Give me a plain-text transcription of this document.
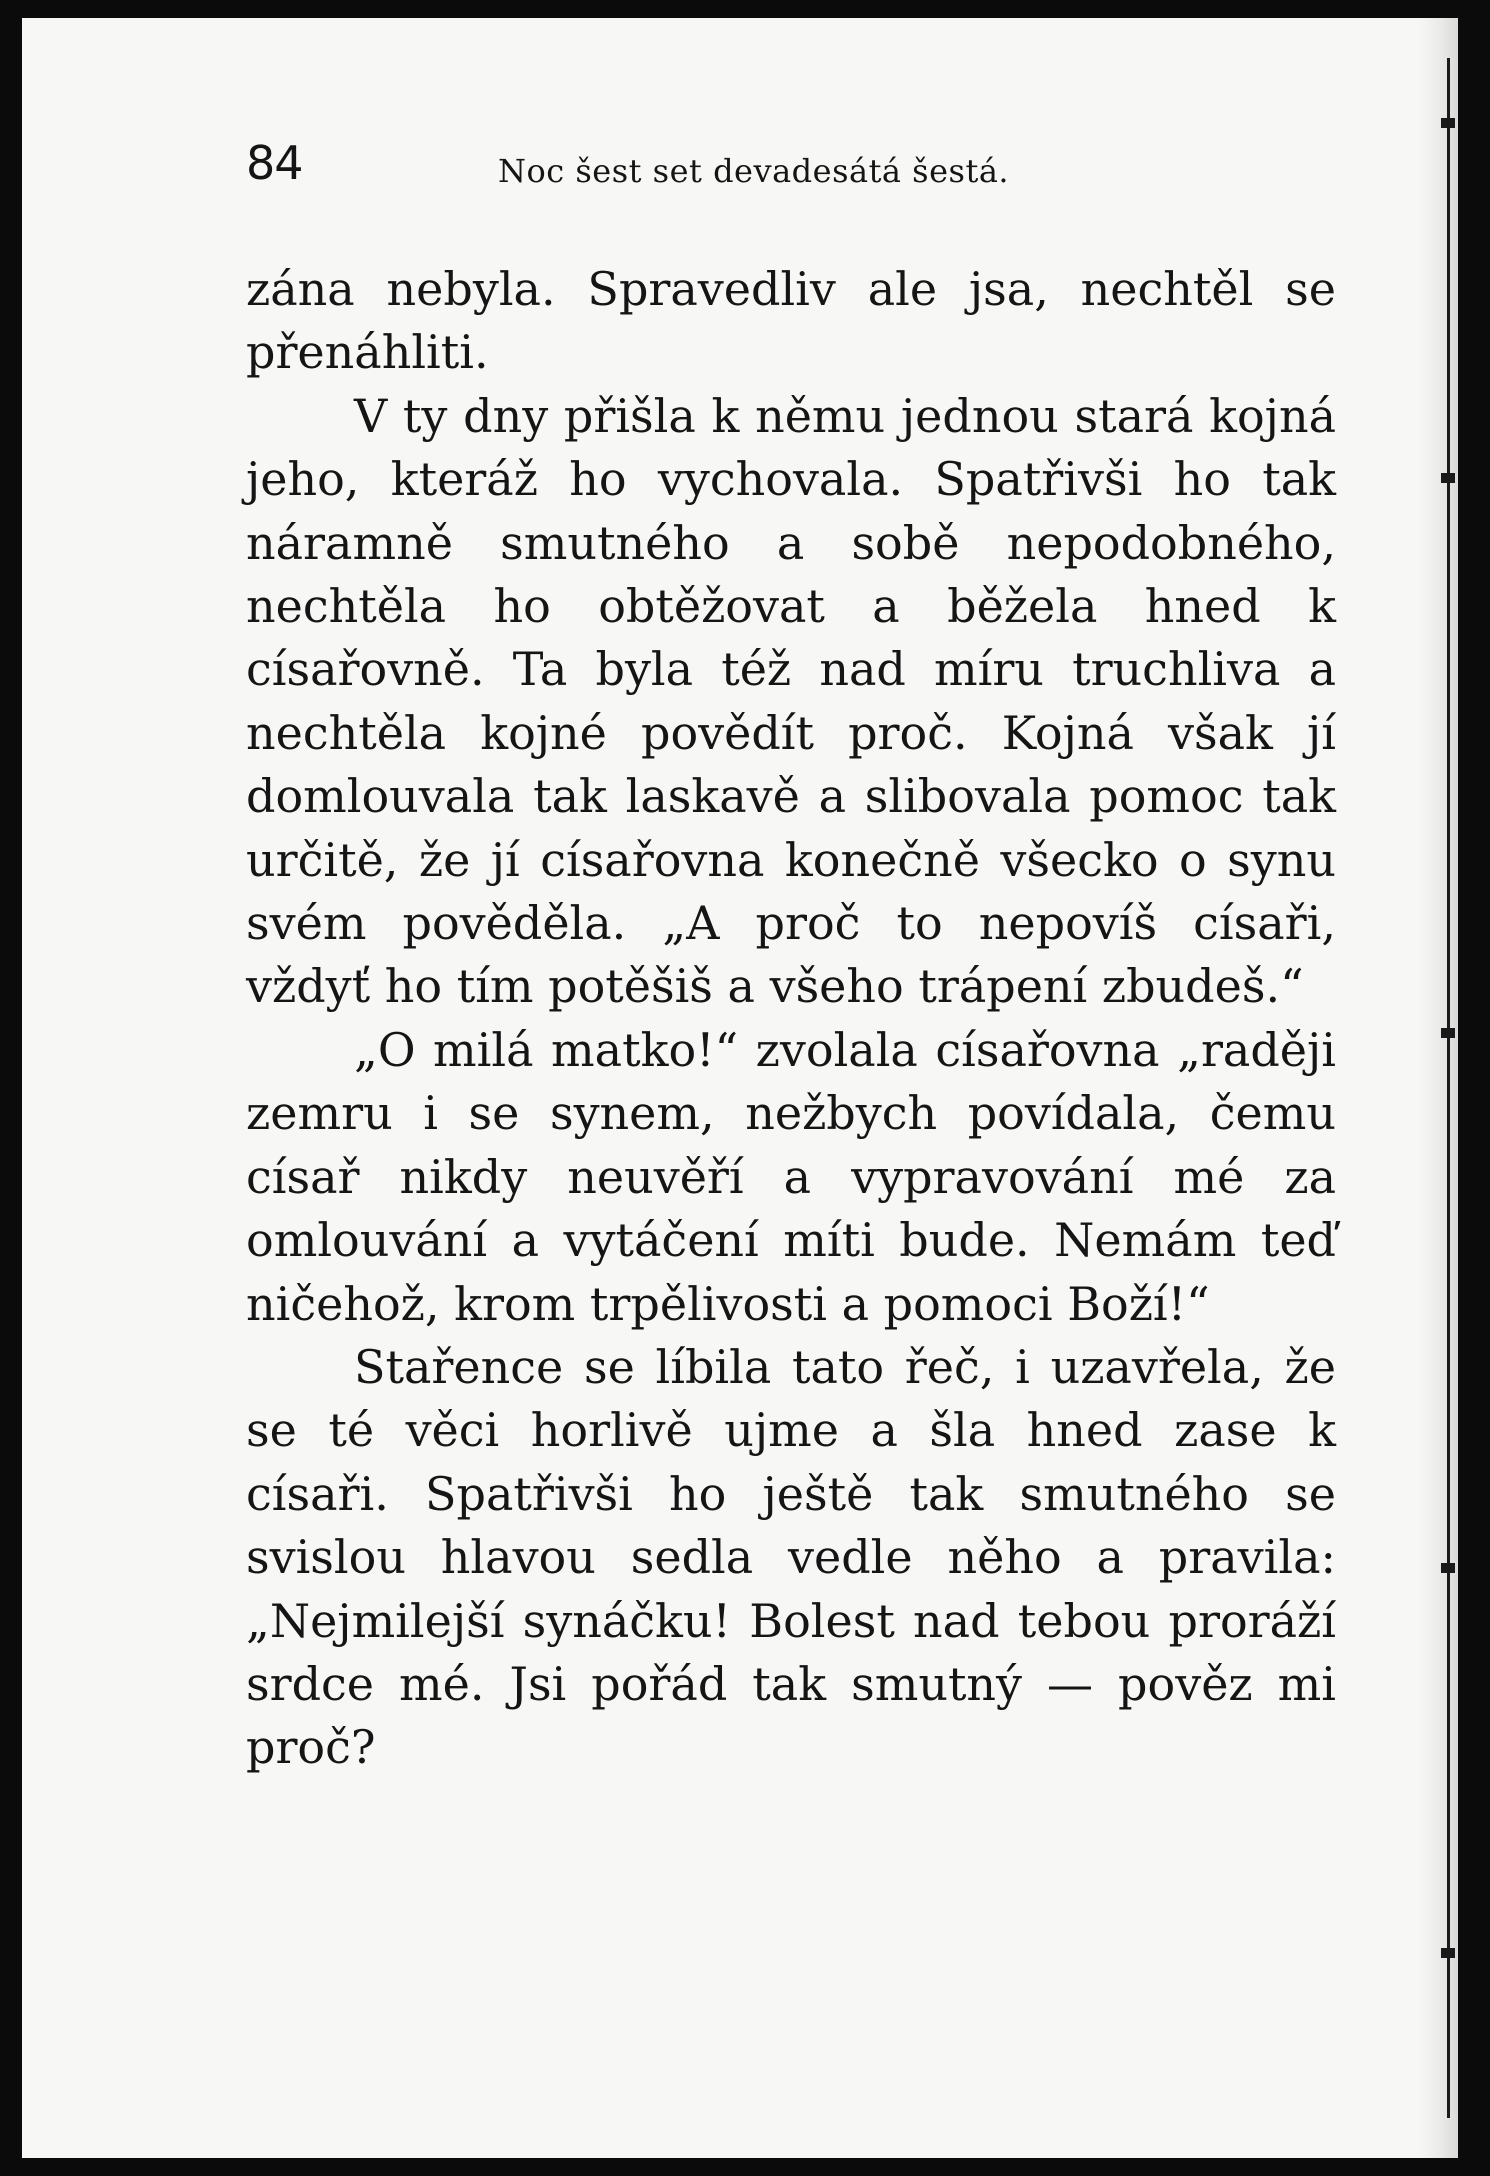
84	Noc šest set devadesátá šestá.

zána nebyla. Spravedliv ale jsa, nechtěl se přenáhliti.

V ty dny přišla k němu jednou stará kojná jeho, kteráž ho vychovala. Spatřivši ho tak náramně smutného a sobě nepodobného, nechtěla ho obtěžovat a běžela hned k císařovně. Ta byla též nad míru truchliva a nechtěla kojné povědít proč. Kojná však jí domlouvala tak laskavě a slibovala pomoc tak určitě, že jí císařovna konečně všecko o synu svém pověděla. „A proč to nepovíš císaři, vždyť ho tím potěšiš a všeho trápení zbudeš.“

„O milá matko!“ zvolala císařovna „raději zemru i se synem, nežbych povídala, čemu císař nikdy neuvěří a vypravování mé za omlouvání a vytáčení míti bude. Nemám teď ničehož, krom trpělivosti a pomoci Boží!“

Stařence se líbila tato řeč, i uzavřela, že se té věci horlivě ujme a šla hned zase k císaři. Spatřivši ho ještě tak smutného se svislou hlavou sedla vedle něho a pravila: „Nejmilejší synáčku! Bolest nad tebou proráží srdce mé. Jsi pořád tak smutný — pověz mi proč?
